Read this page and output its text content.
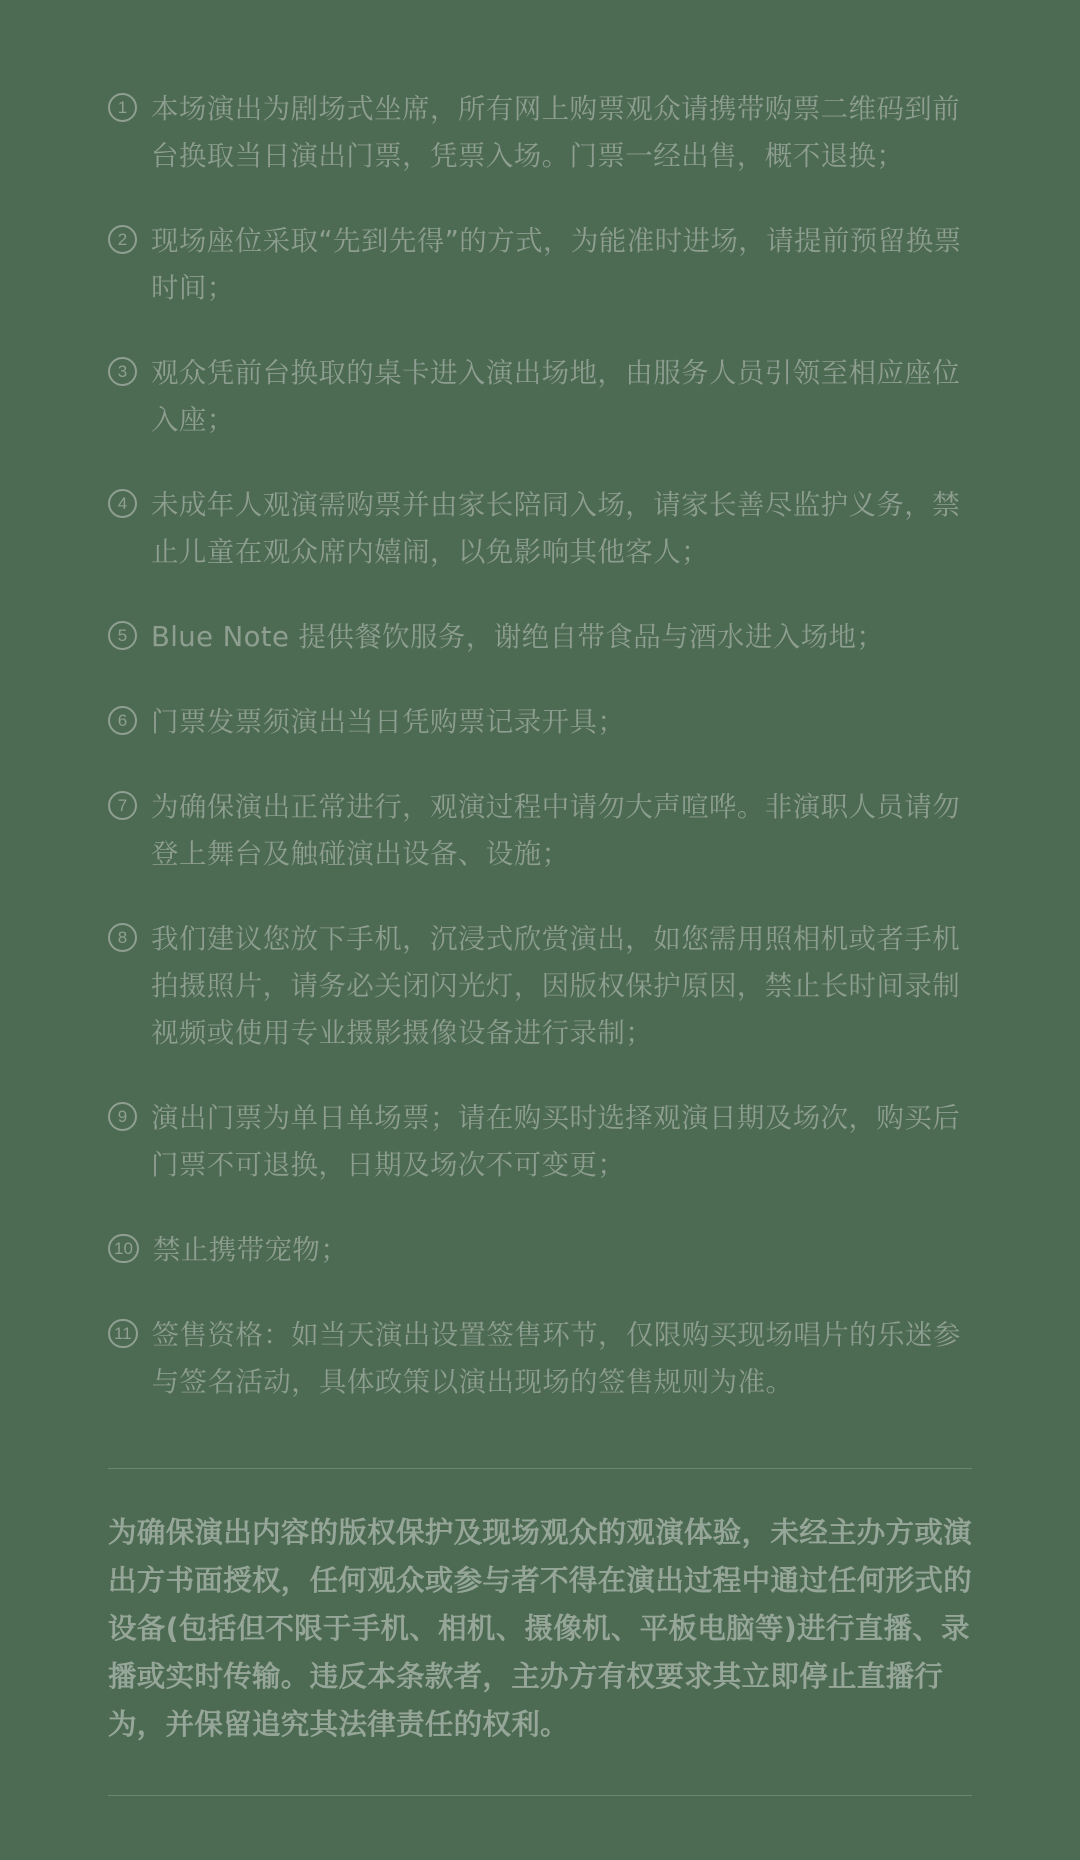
1 本场演出为剧场式坐席，所有网上购票观众请携带购票二维码到前台换取当日演出门票，凭票入场。门票一经出售，概不退换；
2 现场座位采取“先到先得”的方式，为能准时进场，请提前预留换票时间；
3 观众凭前台换取的桌卡进入演出场地，由服务人员引领至相应座位入座；
4 未成年人观演需购票并由家长陪同入场，请家长善尽监护义务，禁止儿童在观众席内嬉闹，以免影响其他客人；
5 Blue Note 提供餐饮服务，谢绝自带食品与酒水进入场地；
6 门票发票须演出当日凭购票记录开具；
7 为确保演出正常进行，观演过程中请勿大声喧哗。非演职人员请勿登上舞台及触碰演出设备、设施；
8 我们建议您放下手机，沉浸式欣赏演出，如您需用照相机或者手机拍摄照片，请务必关闭闪光灯，因版权保护原因，禁止长时间录制视频或使用专业摄影摄像设备进行录制；
9 演出门票为单日单场票；请在购买时选择观演日期及场次，购买后门票不可退换，日期及场次不可变更；
10 禁止携带宠物；
11 签售资格：如当天演出设置签售环节，仅限购买现场唱片的乐迷参与签名活动，具体政策以演出现场的签售规则为准。
为确保演出内容的版权保护及现场观众的观演体验，未经主办方或演出方书面授权，任何观众或参与者不得在演出过程中通过任何形式的设备(包括但不限于手机、相机、摄像机、平板电脑等)进行直播、录播或实时传输。违反本条款者，主办方有权要求其立即停止直播行为，并保留追究其法律责任的权利。
